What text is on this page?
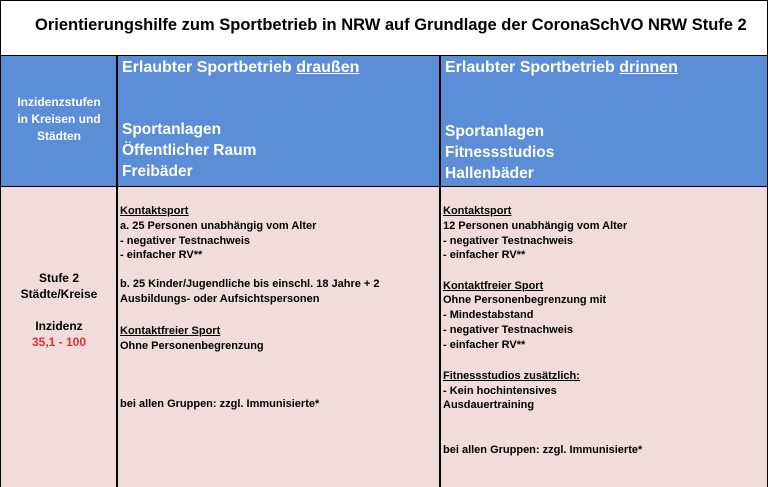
Orientierungshilfe zum Sportbetrieb in NRW auf Grundlage der CoronaSchVO NRW Stufe 2
Inzidenzstufen
in Kreisen und
Städten
Erlaubter Sportbetrieb draußen
Sportanlagen
Öffentlicher Raum
Freibäder
Erlaubter Sportbetrieb drinnen
Sportanlagen
Fitnessstudios
Hallenbäder
Stufe 2
Städte/Kreise
Inzidenz
35,1 - 100
Kontaktsport
a. 25 Personen unabhängig vom Alter
- negativer Testnachweis
- einfacher RV**
b. 25 Kinder/Jugendliche bis einschl. 18 Jahre + 2
Ausbildungs- oder Aufsichtspersonen
Kontaktfreier Sport
Ohne Personenbegrenzung
bei allen Gruppen: zzgl. Immunisierte*
Kontaktsport
12 Personen unabhängig vom Alter
- negativer Testnachweis
- einfacher RV**
Kontaktfreier Sport
Ohne Personenbegrenzung mit
- Mindestabstand
- negativer Testnachweis
- einfacher RV**
Fitnessstudios zusätzlich:
- Kein hochintensives
Ausdauertraining
bei allen Gruppen: zzgl. Immunisierte*
